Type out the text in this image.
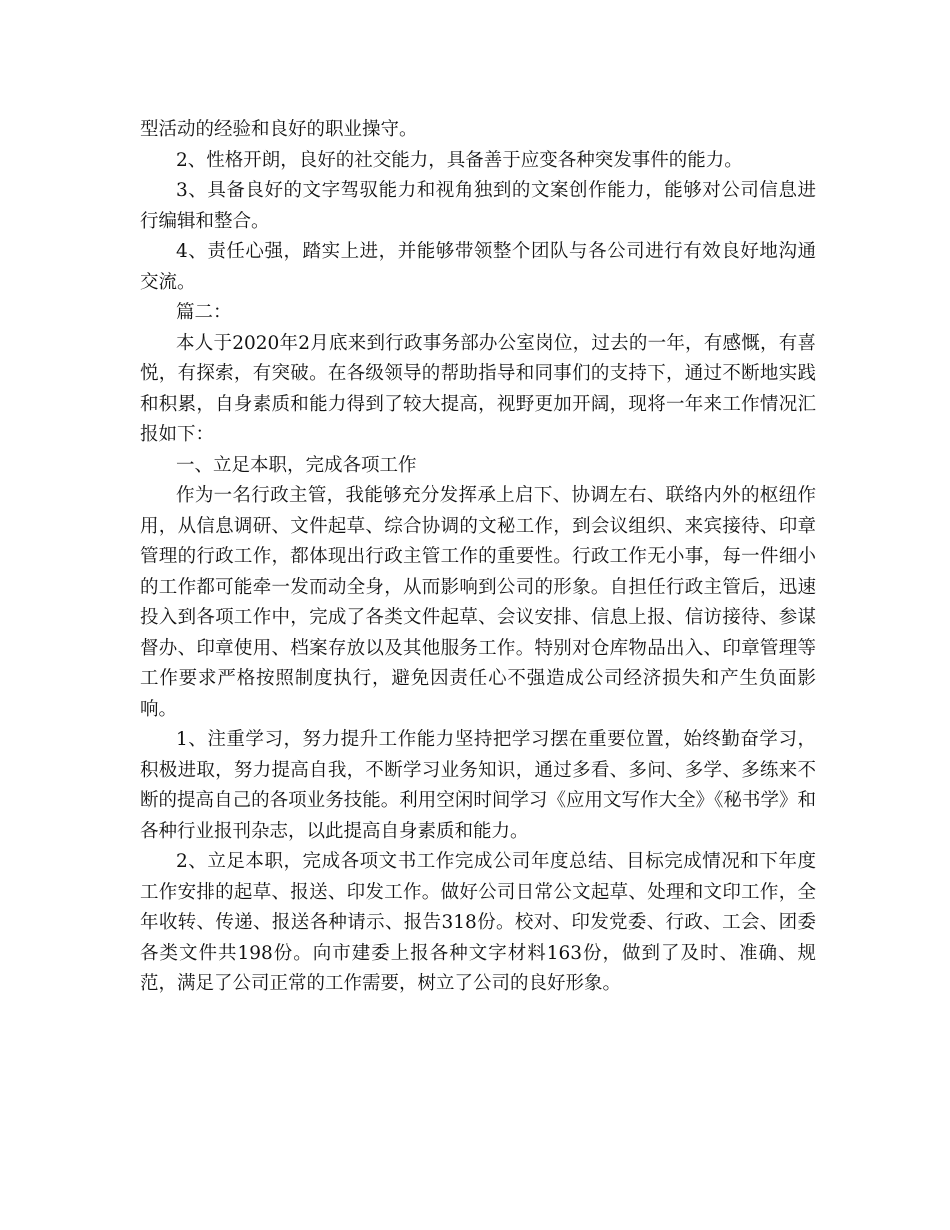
型活动的经验和良好的职业操守。

2、性格开朗，良好的社交能力，具备善于应变各种突发事件的能力。

3、具备良好的文字驾驭能力和视角独到的文案创作能力，能够对公司信息进行编辑和整合。

4、责任心强，踏实上进，并能够带领整个团队与各公司进行有效良好地沟通交流。

篇二：

本人于2020年2月底来到行政事务部办公室岗位，过去的一年，有感慨，有喜悦，有探索，有突破。在各级领导的帮助指导和同事们的支持下，通过不断地实践和积累，自身素质和能力得到了较大提高，视野更加开阔，现将一年来工作情况汇报如下：

一、立足本职，完成各项工作

作为一名行政主管，我能够充分发挥承上启下、协调左右、联络内外的枢纽作用，从信息调研、文件起草、综合协调的文秘工作，到会议组织、来宾接待、印章管理的行政工作，都体现出行政主管工作的重要性。行政工作无小事，每一件细小的工作都可能牵一发而动全身，从而影响到公司的形象。自担任行政主管后，迅速投入到各项工作中，完成了各类文件起草、会议安排、信息上报、信访接待、参谋督办、印章使用、档案存放以及其他服务工作。特别对仓库物品出入、印章管理等工作要求严格按照制度执行，避免因责任心不强造成公司经济损失和产生负面影响。

1、注重学习，努力提升工作能力坚持把学习摆在重要位置，始终勤奋学习，积极进取，努力提高自我，不断学习业务知识，通过多看、多问、多学、多练来不断的提高自己的各项业务技能。利用空闲时间学习《应用文写作大全》《秘书学》和各种行业报刊杂志，以此提高自身素质和能力。

2、立足本职，完成各项文书工作完成公司年度总结、目标完成情况和下年度工作安排的起草、报送、印发工作。做好公司日常公文起草、处理和文印工作，全年收转、传递、报送各种请示、报告318份。校对、印发党委、行政、工会、团委各类文件共198份。向市建委上报各种文字材料163份，做到了及时、准确、规范，满足了公司正常的工作需要，树立了公司的良好形象。
